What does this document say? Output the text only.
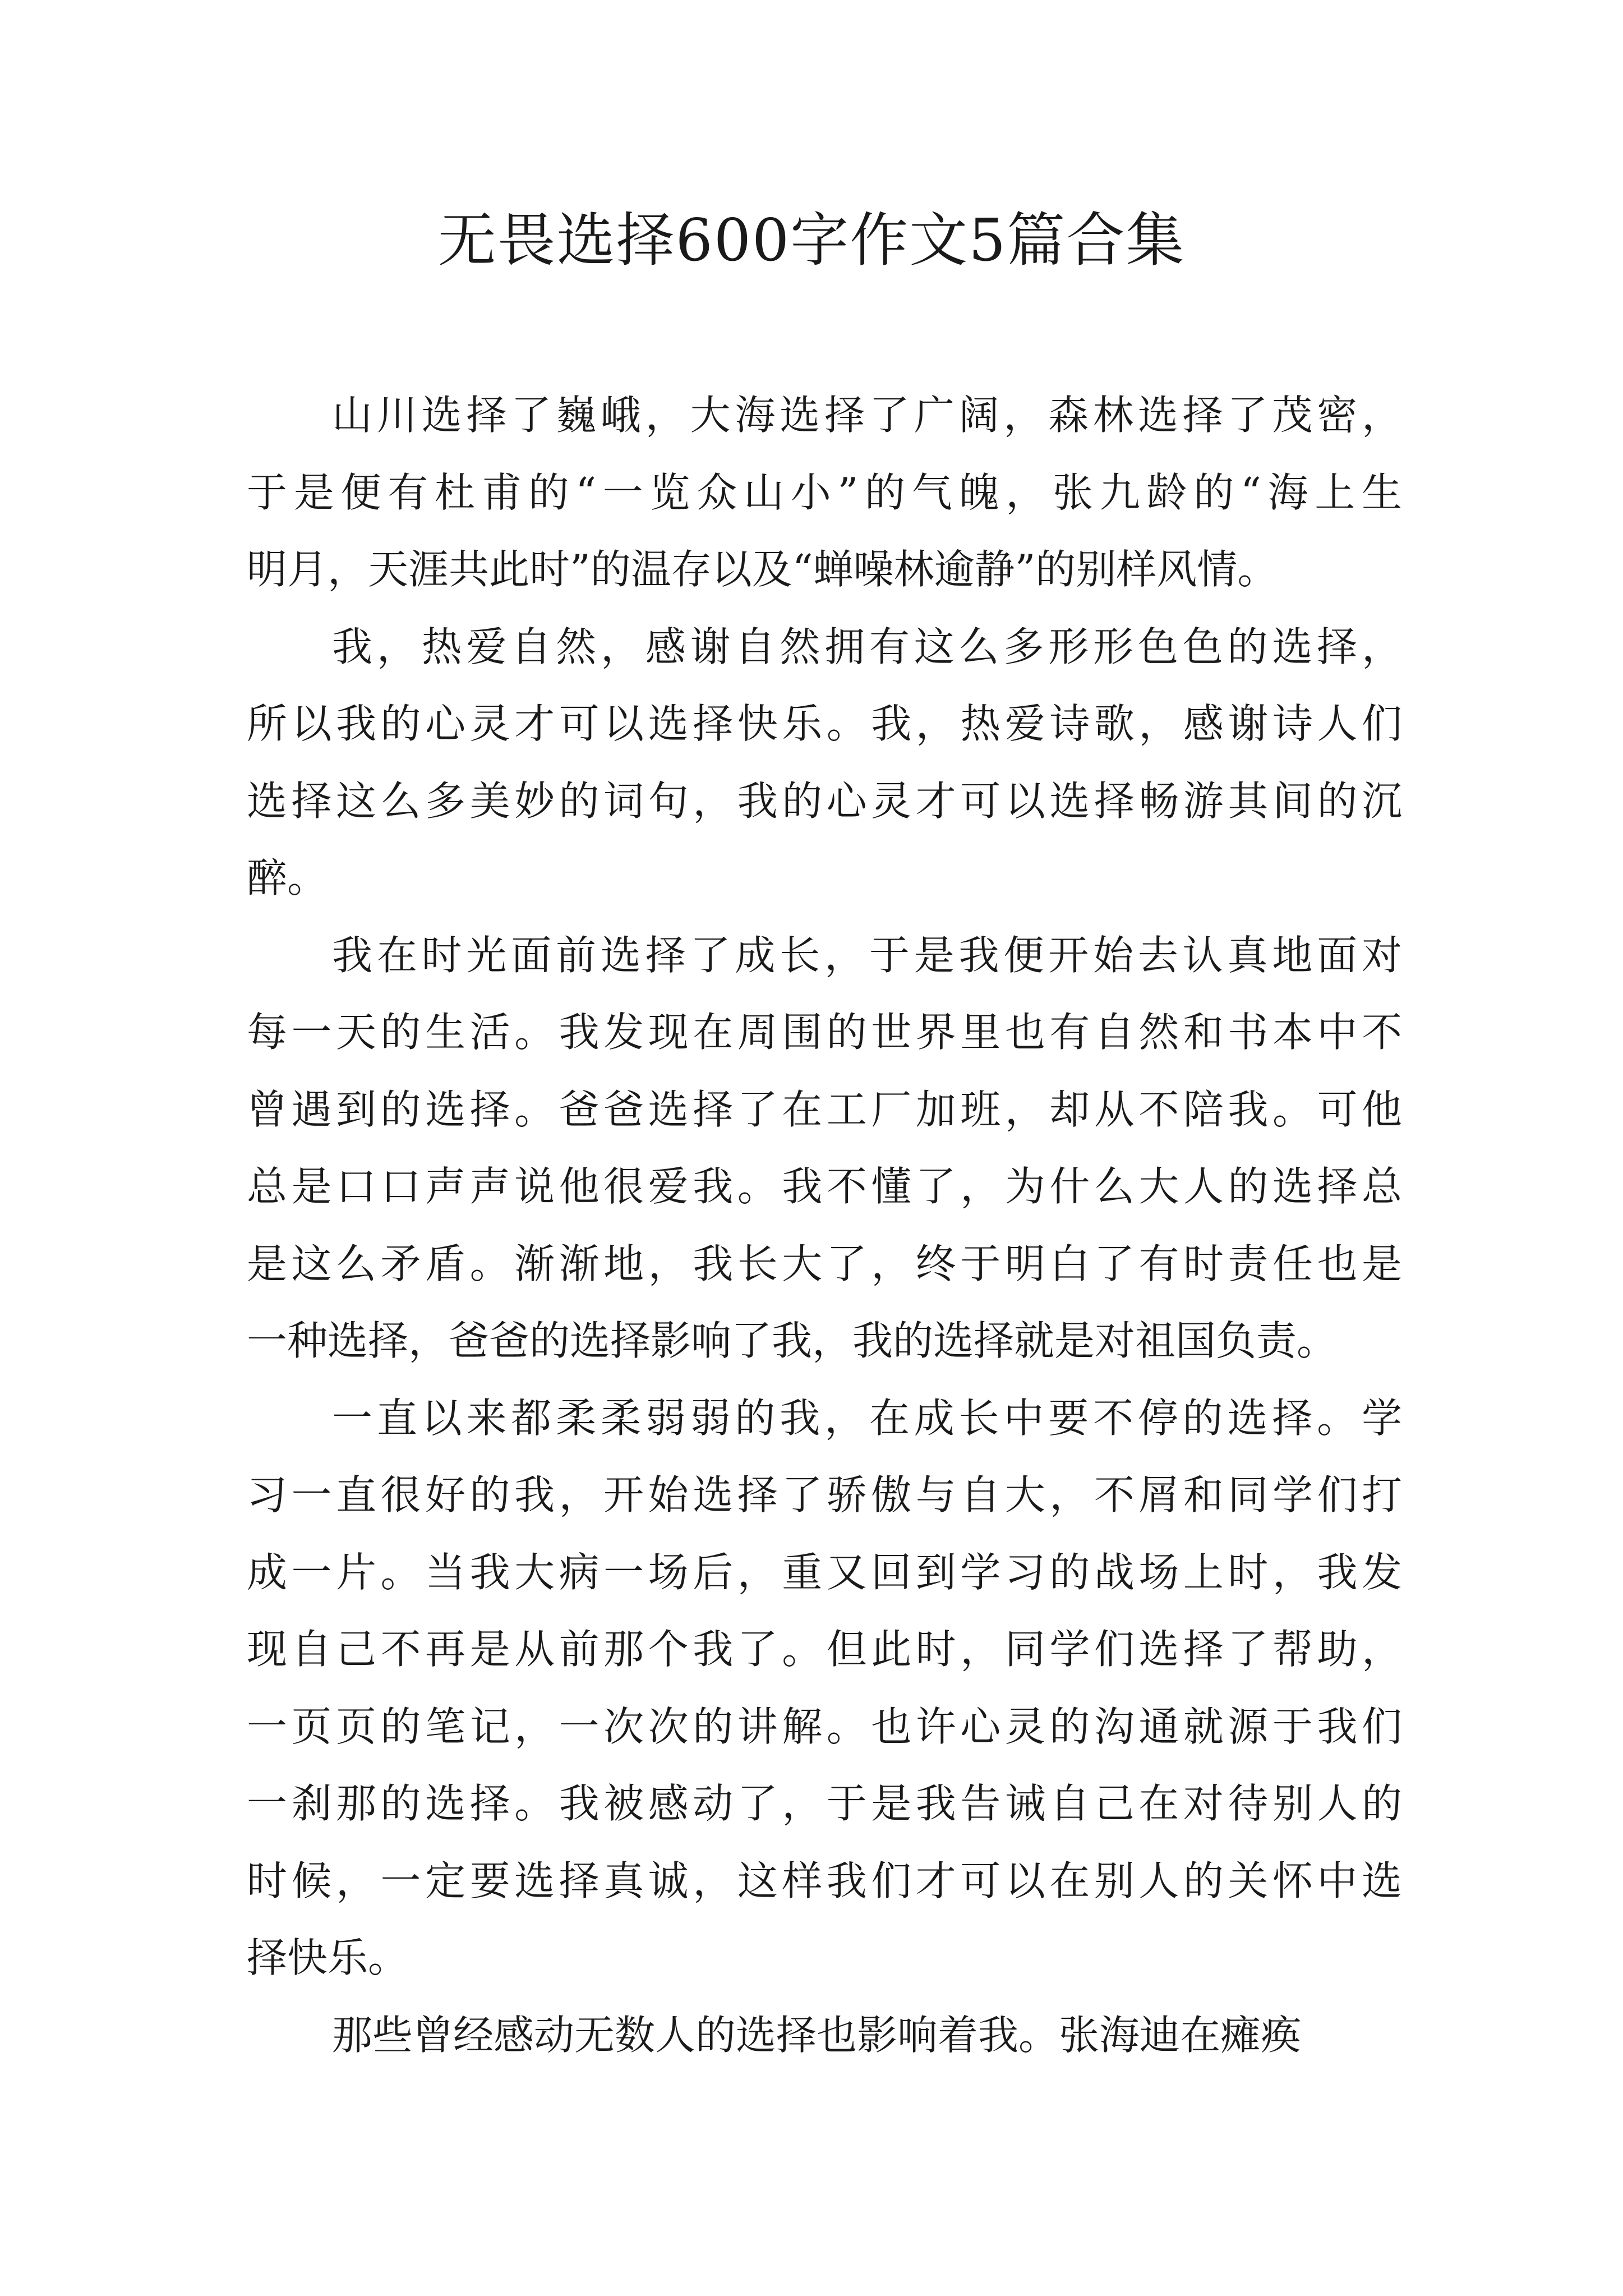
无畏选择600字作文5篇合集
山川选择了巍峨，大海选择了广阔，森林选择了茂密，
于是便有杜甫的“一览众山小”的气魄，张九龄的“海上生
明月，天涯共此时”的温存以及“蝉噪林逾静”的别样风情。
我，热爱自然，感谢自然拥有这么多形形色色的选择，
所以我的心灵才可以选择快乐。我，热爱诗歌，感谢诗人们
选择这么多美妙的词句，我的心灵才可以选择畅游其间的沉
醉。
我在时光面前选择了成长，于是我便开始去认真地面对
每一天的生活。我发现在周围的世界里也有自然和书本中不
曾遇到的选择。爸爸选择了在工厂加班，却从不陪我。可他
总是口口声声说他很爱我。我不懂了，为什么大人的选择总
是这么矛盾。渐渐地，我长大了，终于明白了有时责任也是
一种选择，爸爸的选择影响了我，我的选择就是对祖国负责。
一直以来都柔柔弱弱的我，在成长中要不停的选择。学
习一直很好的我，开始选择了骄傲与自大，不屑和同学们打
成一片。当我大病一场后，重又回到学习的战场上时，我发
现自己不再是从前那个我了。但此时，同学们选择了帮助，
一页页的笔记，一次次的讲解。也许心灵的沟通就源于我们
一刹那的选择。我被感动了，于是我告诫自己在对待别人的
时候，一定要选择真诚，这样我们才可以在别人的关怀中选
择快乐。
那些曾经感动无数人的选择也影响着我。张海迪在瘫痪
